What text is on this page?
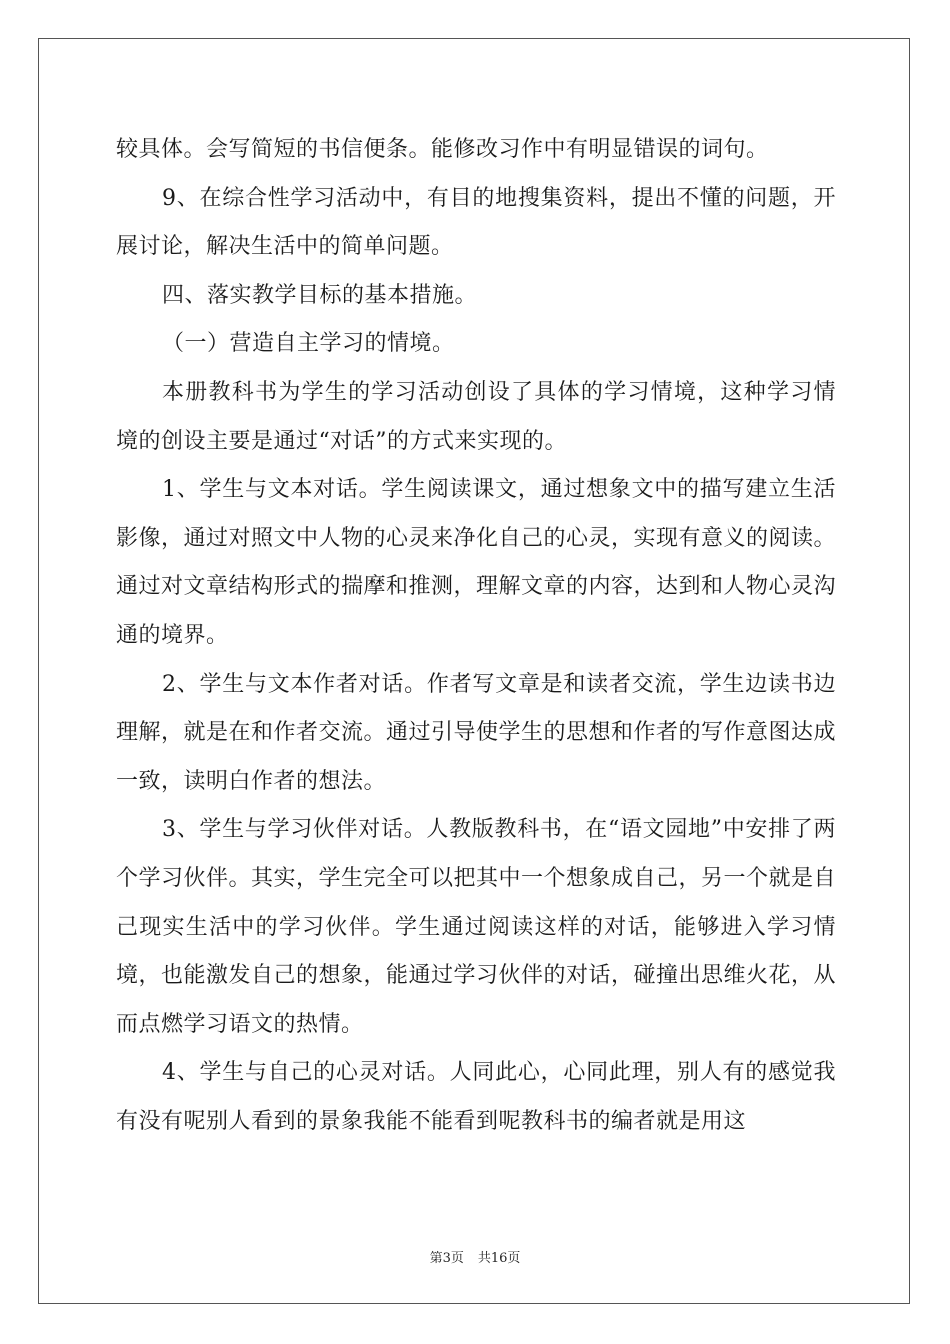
较具体。会写简短的书信便条。能修改习作中有明显错误的词句。

9、在综合性学习活动中，有目的地搜集资料，提出不懂的问题，开展讨论，解决生活中的简单问题。

四、落实教学目标的基本措施。

（一）营造自主学习的情境。

本册教科书为学生的学习活动创设了具体的学习情境，这种学习情境的创设主要是通过“对话”的方式来实现的。

1、学生与文本对话。学生阅读课文，通过想象文中的描写建立生活影像，通过对照文中人物的心灵来净化自己的心灵，实现有意义的阅读。通过对文章结构形式的揣摩和推测，理解文章的内容，达到和人物心灵沟通的境界。

2、学生与文本作者对话。作者写文章是和读者交流，学生边读书边理解，就是在和作者交流。通过引导使学生的思想和作者的写作意图达成一致，读明白作者的想法。

3、学生与学习伙伴对话。人教版教科书，在“语文园地”中安排了两个学习伙伴。其实，学生完全可以把其中一个想象成自己，另一个就是自己现实生活中的学习伙伴。学生通过阅读这样的对话，能够进入学习情境，也能激发自己的想象，能通过学习伙伴的对话，碰撞出思维火花，从而点燃学习语文的热情。

4、学生与自己的心灵对话。人同此心，心同此理，别人有的感觉我有没有呢别人看到的景象我能不能看到呢教科书的编者就是用这

第3页 共16页
